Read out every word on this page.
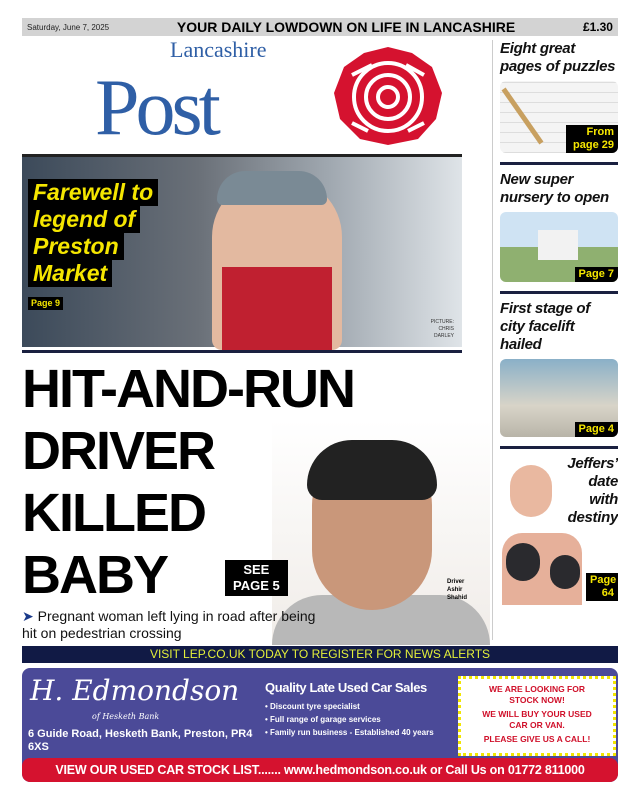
Saturday, June 7, 2025	YOUR DAILY LOWDOWN ON LIFE IN LANCASHIRE	£1.30
Lancashire
Post
Farewell to
legend of
Preston
Market
Page 9
PICTURE: CHRIS DARLEY
HIT-AND-RUN
DRIVER
KILLED
BABY	SEE
PAGE 5	Driver
Ashir
Shahid
➤ Pregnant woman left lying in road after being hit on pedestrian crossing
Eight great pages of puzzles
From page 29
New super nursery to open
Page 7
First stage of city facelift hailed
Page 4
Jeffers’ date with destiny
Page 64
VISIT LEP.CO.UK TODAY TO REGISTER FOR NEWS ALERTS
H. Edmondson
of Hesketh Bank
6 Guide Road, Hesketh Bank, Preston, PR4 6XS
Quality Late Used Car Sales
• Discount tyre specialist
• Full range of garage services
• Family run business - Established 40 years
WE ARE LOOKING FOR
STOCK NOW!
WE WILL BUY YOUR USED
CAR OR VAN.
PLEASE GIVE US A CALL!
VIEW OUR USED CAR STOCK LIST....... www.hedmondson.co.uk or Call Us on 01772 811000
